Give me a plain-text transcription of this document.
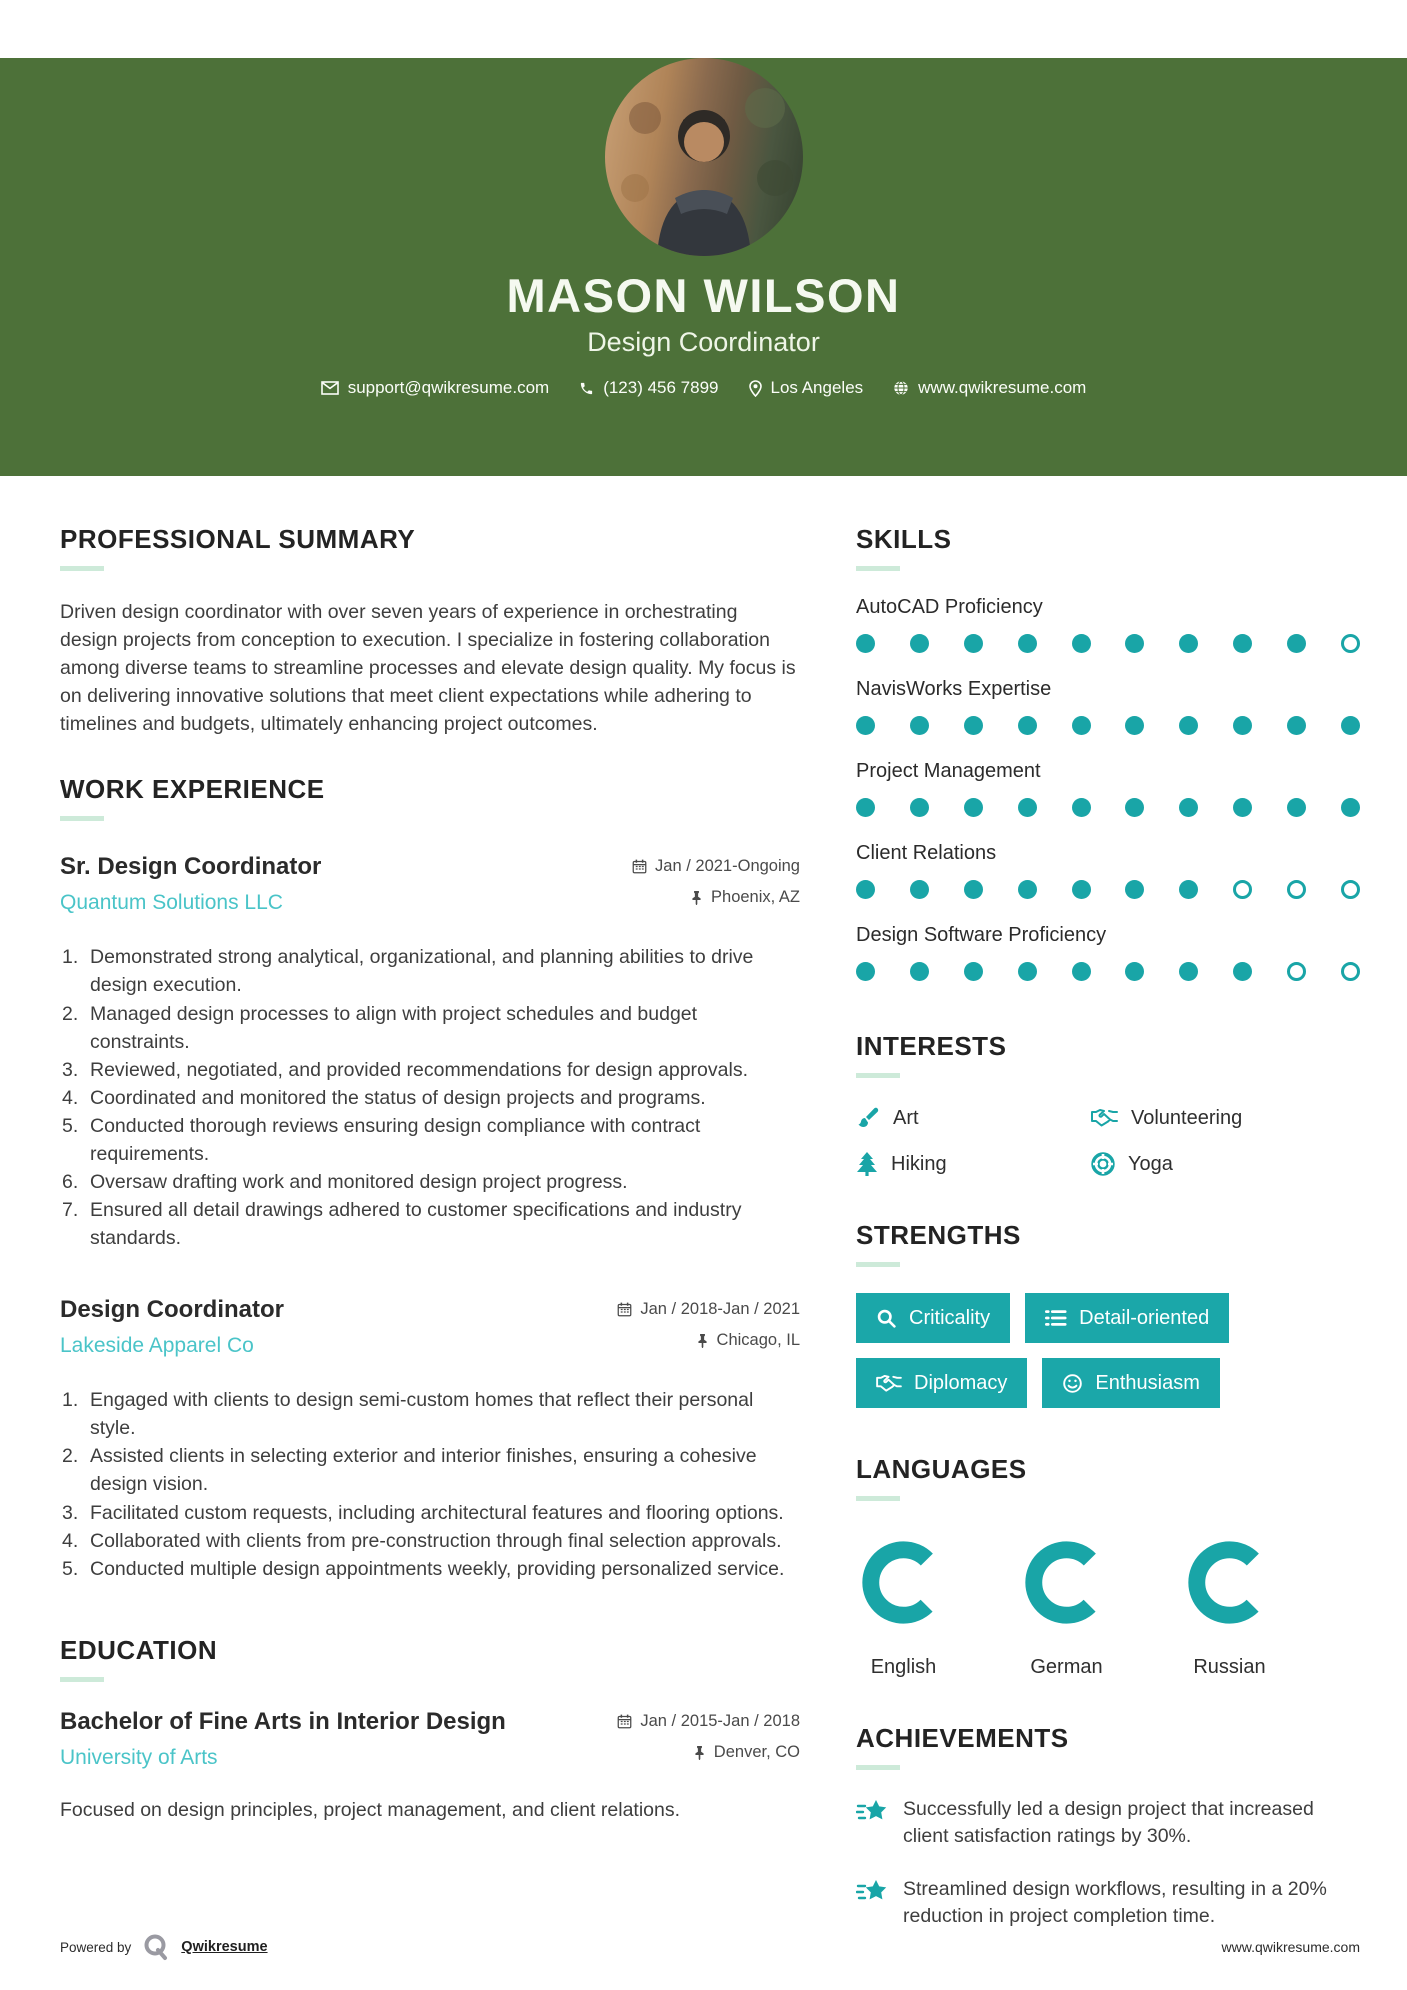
MASON WILSON
Design Coordinator
support@qwikresume.com	(123) 456 7899	Los Angeles	www.qwikresume.com
PROFESSIONAL SUMMARY

Driven design coordinator with over seven years of experience in orchestrating design projects from conception to execution. I specialize in fostering collaboration among diverse teams to streamline processes and elevate design quality. My focus is on delivering innovative solutions that meet client expectations while adhering to timelines and budgets, ultimately enhancing project outcomes.

WORK EXPERIENCE
Sr. Design Coordinator
Quantum Solutions LLC
Jan / 2021-Ongoing
Phoenix, AZ
Demonstrated strong analytical, organizational, and planning abilities to drive design execution.
Managed design processes to align with project schedules and budget constraints.
Reviewed, negotiated, and provided recommendations for design approvals.
Coordinated and monitored the status of design projects and programs.
Conducted thorough reviews ensuring design compliance with contract requirements.
Oversaw drafting work and monitored design project progress.
Ensured all detail drawings adhered to customer specifications and industry standards.
Design Coordinator
Lakeside Apparel Co
Jan / 2018-Jan / 2021
Chicago, IL
Engaged with clients to design semi-custom homes that reflect their personal style.
Assisted clients in selecting exterior and interior finishes, ensuring a cohesive design vision.
Facilitated custom requests, including architectural features and flooring options.
Collaborated with clients from pre-construction through final selection approvals.
Conducted multiple design appointments weekly, providing personalized service.
EDUCATION
Bachelor of Fine Arts in Interior Design
University of Arts
Jan / 2015-Jan / 2018
Denver, CO

Focused on design principles, project management, and client relations.

SKILLS
AutoCAD Proficiency
NavisWorks Expertise
Project Management
Client Relations
Design Software Proficiency
INTERESTS
Art	Volunteering
Hiking	Yoga
STRENGTHS
Criticality	Detail-oriented
Diplomacy	Enthusiasm
LANGUAGES
English	German	Russian
ACHIEVEMENTS
Successfully led a design project that increased client satisfaction ratings by 30%.
Streamlined design workflows, resulting in a 20% reduction in project completion time.
Powered by	Qwikresume	www.qwikresume.com
